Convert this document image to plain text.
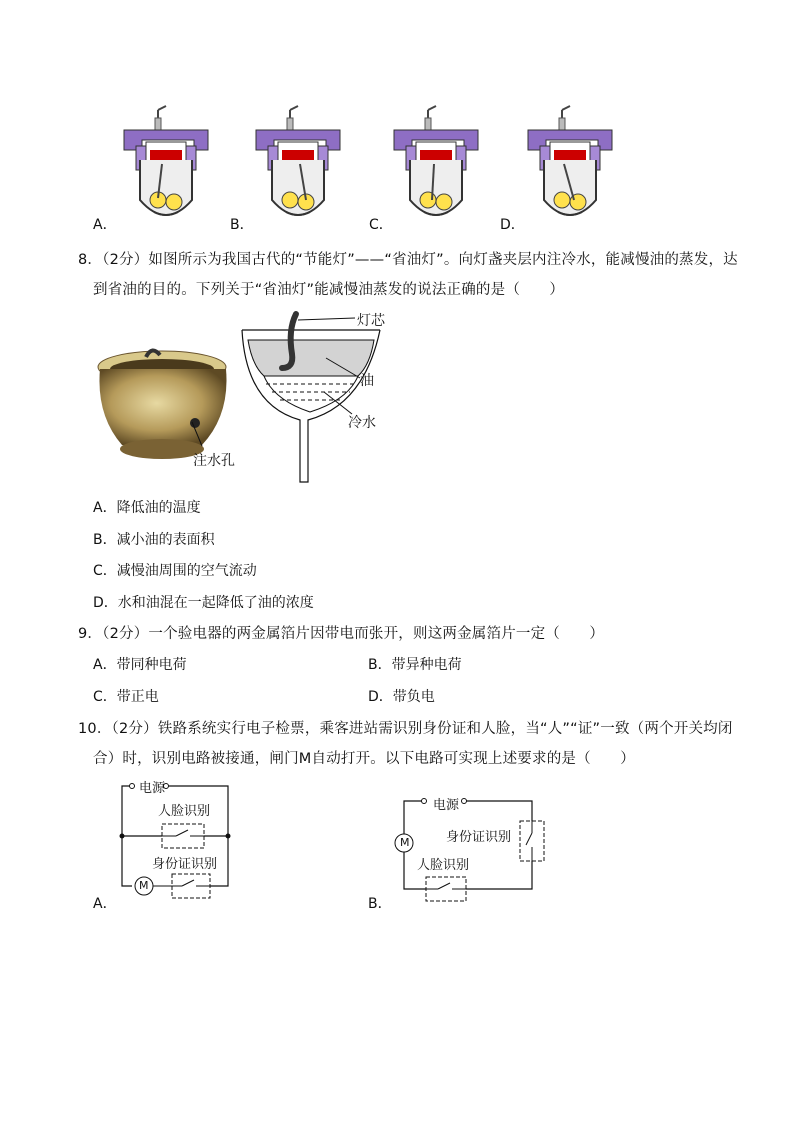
A．	B．	C．	D．
8．（2分）如图所示为我国古代的“节能灯”——“省油灯”。向灯盏夹层内注冷水，能减慢油的蒸发，达
到省油的目的。下列关于“省油灯”能减慢油蒸发的说法正确的是（　　）
注水孔
灯芯
油
冷水
A．降低油的温度
B．减小油的表面积
C．减慢油周围的空气流动
D．水和油混在一起降低了油的浓度
9．（2分）一个验电器的两金属箔片因带电而张开，则这两金属箔片一定（　　）
A．带同种电荷	B．带异种电荷
C．带正电	D．带负电
10．（2分）铁路系统实行电子检票，乘客进站需识别身份证和人脸，当“人”“证”一致（两个开关均闭
合）时，识别电路被接通，闸门M自动打开。以下电路可实现上述要求的是（　　）
电源
人脸识别
身份证识别
M
A．
电源
身份证识别
人脸识别
M
B．
